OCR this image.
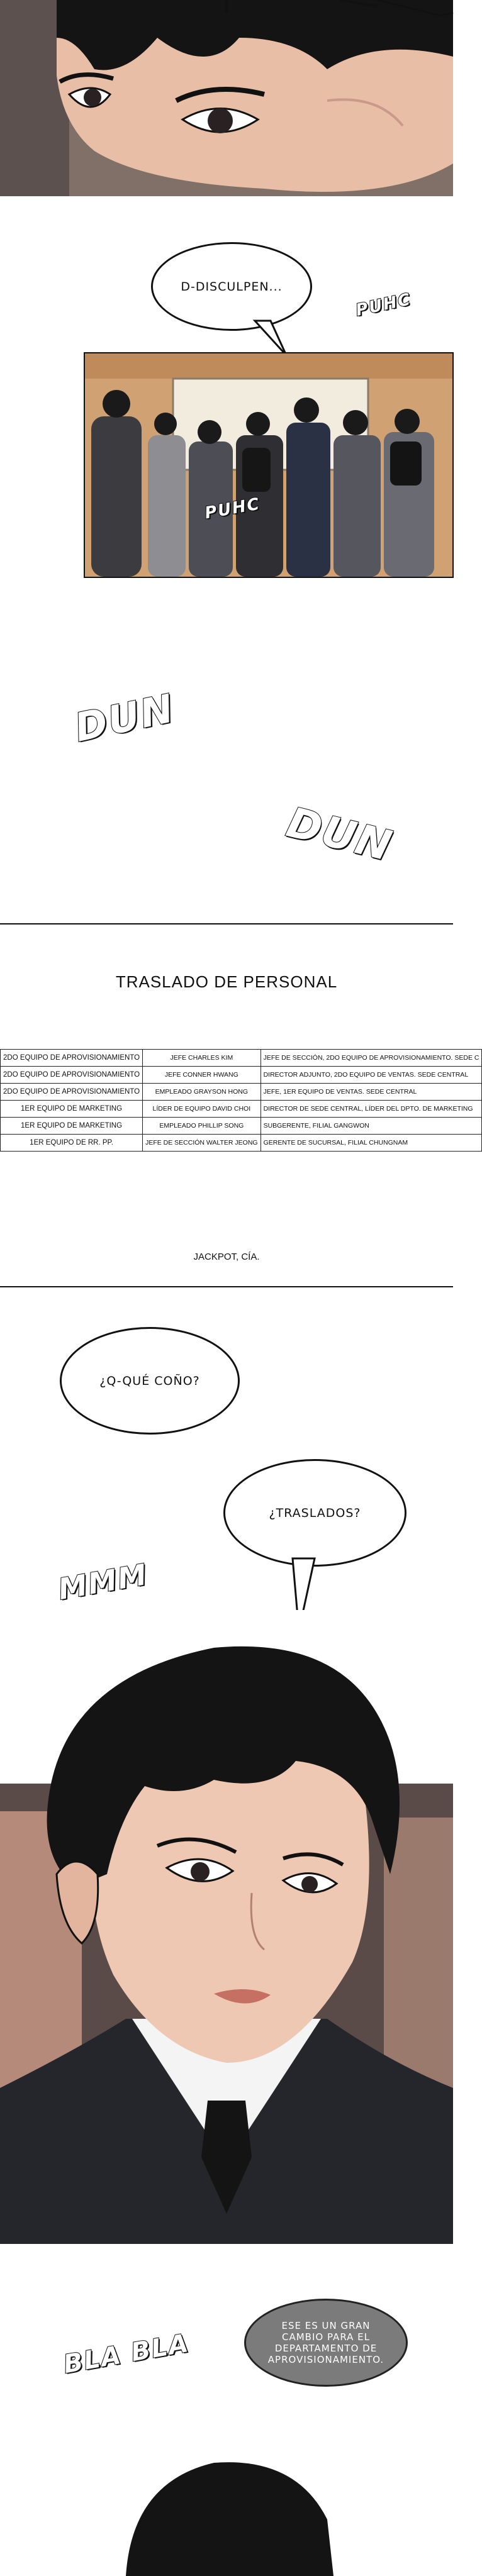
D-DISCULPEN...
PUHC
PUHC
DUN
DUN
TRASLADO DE PERSONAL
JACKPOT, CÍA.
2DO EQUIPO DE APROVISIONAMIENTO	JEFE CHARLES KIM	JEFE DE SECCIÓN, 2DO EQUIPO DE APROVISIONAMIENTO. SEDE C
2DO EQUIPO DE APROVISIONAMIENTO	JEFE CONNER HWANG	DIRECTOR ADJUNTO, 2DO EQUIPO DE VENTAS. SEDE CENTRAL
2DO EQUIPO DE APROVISIONAMIENTO	EMPLEADO GRAYSON HONG	JEFE, 1ER EQUIPO DE VENTAS. SEDE CENTRAL
1ER EQUIPO DE MARKETING	LÍDER DE EQUIPO DAVID CHOI	DIRECTOR DE SEDE CENTRAL, LÍDER DEL DPTO. DE MARKETING
1ER EQUIPO DE MARKETING	EMPLEADO PHILLIP SONG	SUBGERENTE, FILIAL GANGWON
1ER EQUIPO DE RR. PP.	JEFE DE SECCIÓN WALTER JEONG	GERENTE DE SUCURSAL, FILIAL CHUNGNAM
¿Q-QUÉ COÑO?
¿TRASLADOS?
MMM
BLA BLA
ESE ES UN GRAN CAMBIO PARA EL DEPARTAMENTO DE APROVISIONAMIENTO.
